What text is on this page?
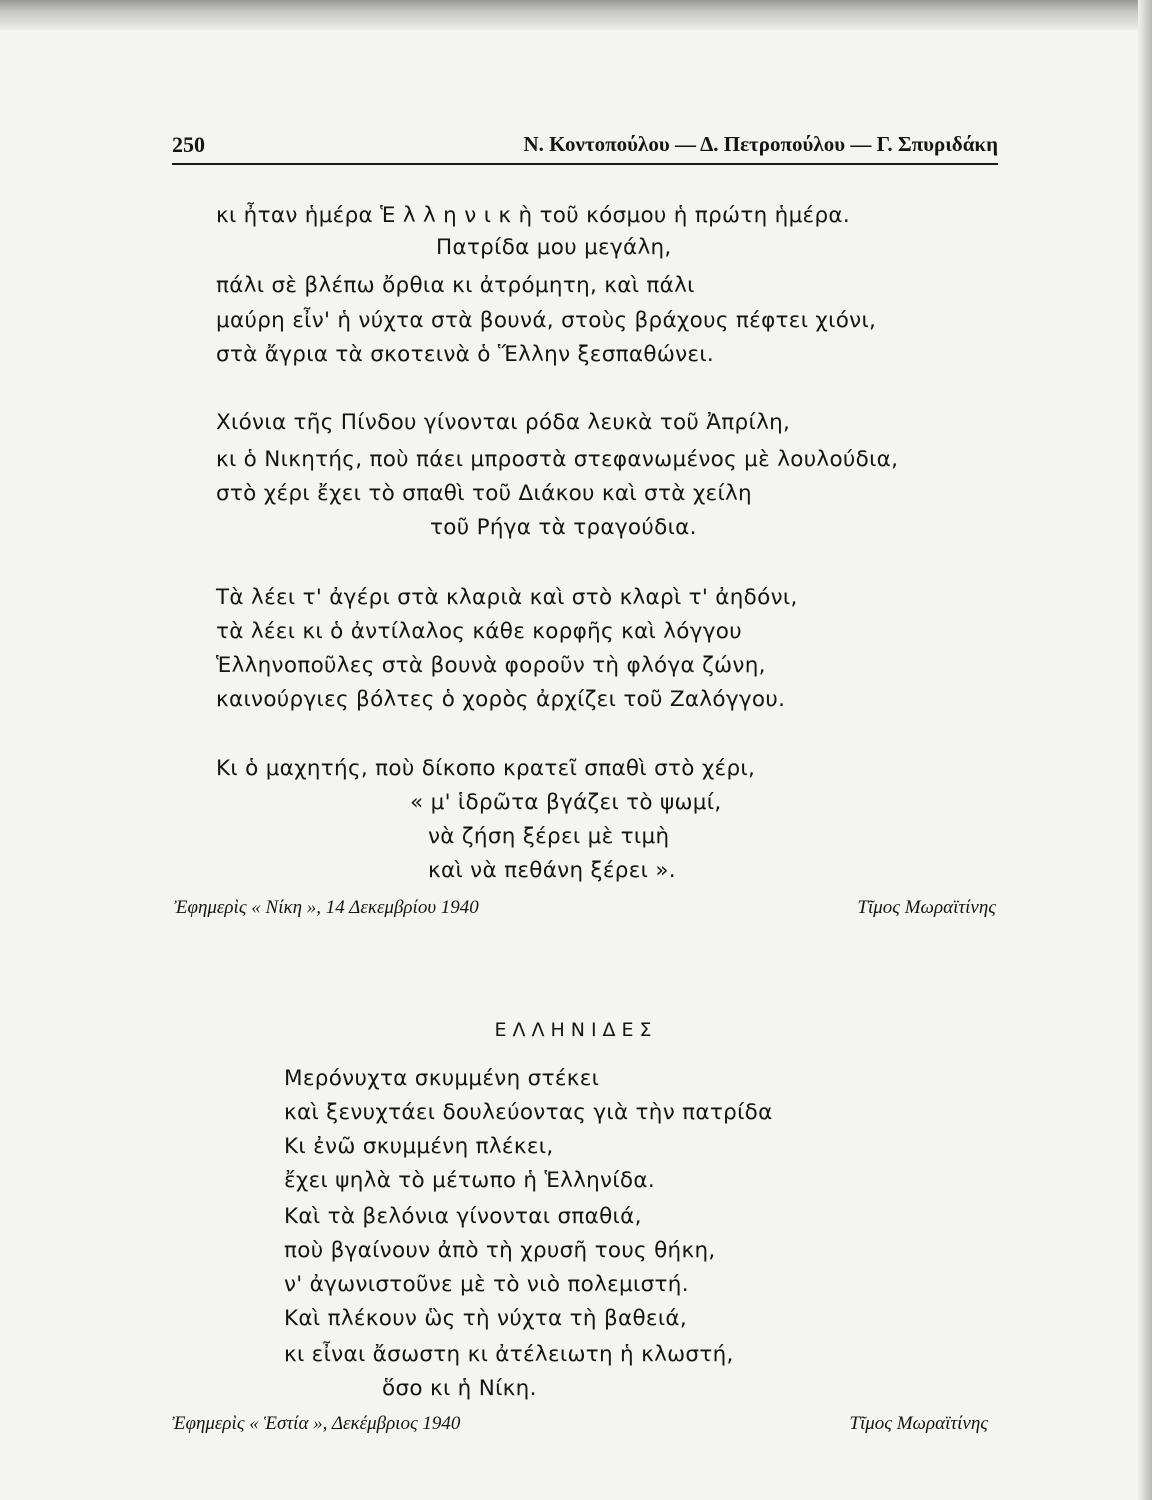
250	Ν. Κοντοπούλου — Δ. Πετροπούλου — Γ. Σπυριδάκη
κι ἦταν ἡμέρα Ἑ λ λ η ν ι κ ὴ τοῦ κόσμου ἡ πρώτη ἡμέρα.
Πατρίδα μου μεγάλη,
πάλι σὲ βλέπω ὄρθια κι ἀτρόμητη, καὶ πάλι
μαύρη εἶν' ἡ νύχτα στὰ βουνά, στοὺς βράχους πέφτει χιόνι,
στὰ ἄγρια τὰ σκοτεινὰ ὁ Ἕλλην ξεσπαθώνει.
Χιόνια τῆς Πίνδου γίνονται ρόδα λευκὰ τοῦ Ἀπρίλη,
κι ὁ Νικητής, ποὺ πάει μπροστὰ στεφανωμένος μὲ λουλούδια,
στὸ χέρι ἔχει τὸ σπαθὶ τοῦ Διάκου καὶ στὰ χείλη
τοῦ Ρήγα τὰ τραγούδια.
Τὰ λέει τ' ἀγέρι στὰ κλαριὰ καὶ στὸ κλαρὶ τ' ἀηδόνι,
τὰ λέει κι ὁ ἀντίλαλος κάθε κορφῆς καὶ λόγγου
Ἑλληνοποῦλες στὰ βουνὰ φοροῦν τὴ φλόγα ζώνη,
καινούργιες βόλτες ὁ χορὸς ἀρχίζει τοῦ Ζαλόγγου.
Κι ὁ μαχητής, ποὺ δίκοπο κρατεῖ σπαθὶ στὸ χέρι,
« μ' ἱδρῶτα βγάζει τὸ ψωμί,
νὰ ζήση ξέρει μὲ τιμὴ
καὶ νὰ πεθάνη ξέρει ».
Ἐφημερὶς « Νίκη », 14 Δεκεμβρίου 1940	Τῖμος Μωραϊτίνης
ΕΛΛΗΝΙΔΕΣ
Μερόνυχτα σκυμμένη στέκει
καὶ ξενυχτάει δουλεύοντας γιὰ τὴν πατρίδα
Κι ἐνῶ σκυμμένη πλέκει,
ἔχει ψηλὰ τὸ μέτωπο ἡ Ἑλληνίδα.
Καὶ τὰ βελόνια γίνονται σπαθιά,
ποὺ βγαίνουν ἀπὸ τὴ χρυσῆ τους θήκη,
ν' ἀγωνιστοῦνε μὲ τὸ νιὸ πολεμιστή.
Καὶ πλέκουν ὣς τὴ νύχτα τὴ βαθειά,
κι εἶναι ἄσωστη κι ἀτέλειωτη ἡ κλωστή,
ὅσο κι ἡ Νίκη.
Ἐφημερὶς « Ἑστία », Δεκέμβριος 1940	Τῖμος Μωραϊτίνης
